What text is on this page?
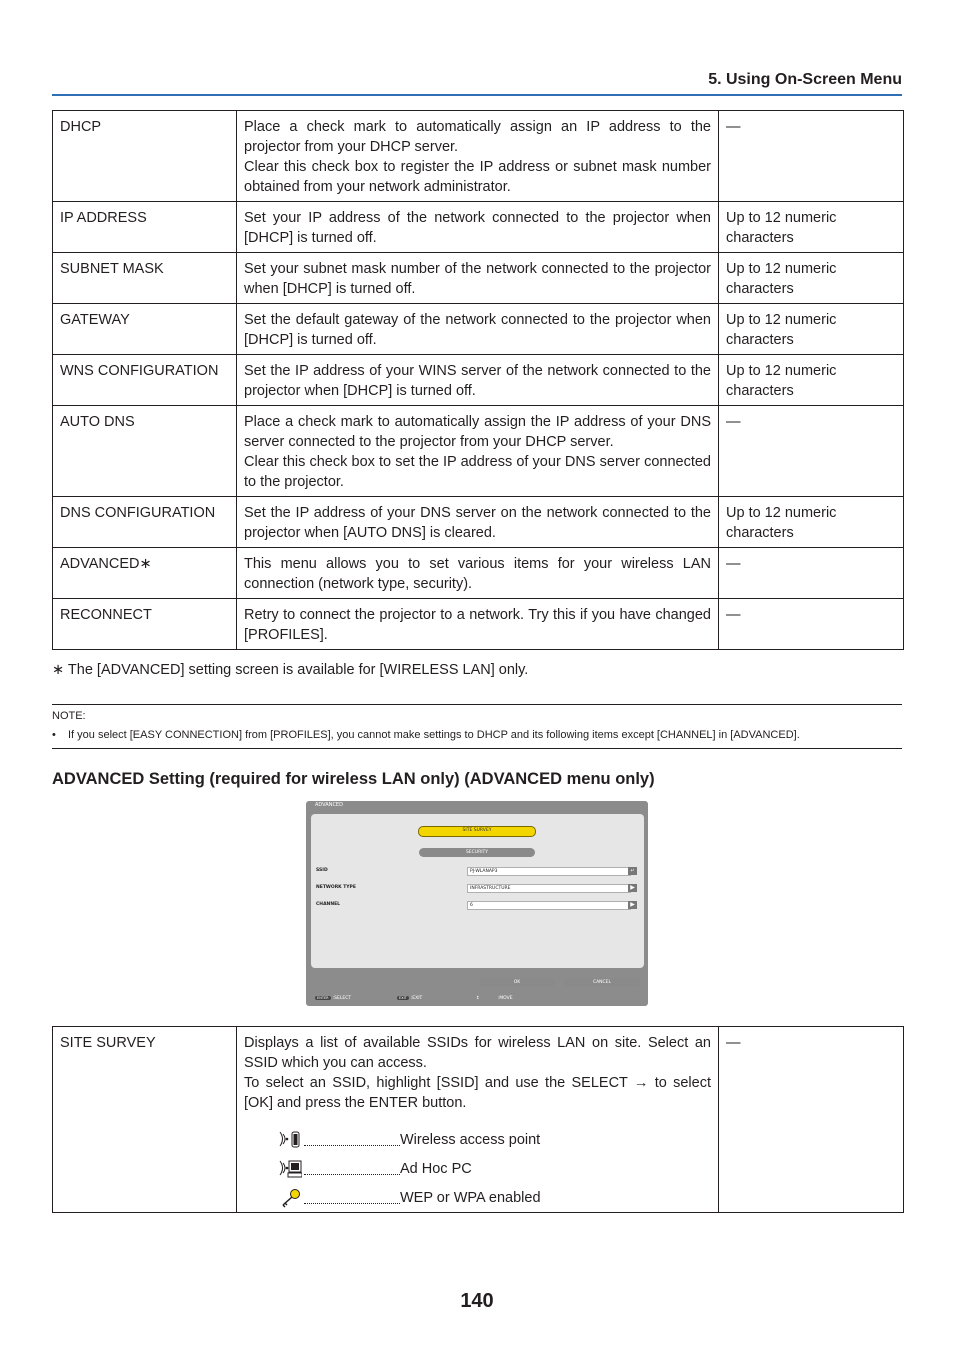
5. Using On-Screen Menu
DHCP	Place a check mark to automatically assign an IP address to the projector from your DHCP server.
Clear this check box to register the IP address or subnet mask number obtained from your network administrator.	—
IP ADDRESS	Set your IP address of the network connected to the projector when [DHCP] is turned off.	Up to 12 numeric characters
SUBNET MASK	Set your subnet mask number of the network connected to the projector when [DHCP] is turned off.	Up to 12 numeric characters
GATEWAY	Set the default gateway of the network connected to the projector when [DHCP] is turned off.	Up to 12 numeric characters
WNS CONFIGURATION	Set the IP address of your WINS server of the network connected to the projector when [DHCP] is turned off.	Up to 12 numeric characters
AUTO DNS	Place a check mark to automatically assign the IP address of your DNS server connected to the projector from your DHCP server.
Clear this check box to set the IP address of your DNS server connected to the projector.	—
DNS CONFIGURATION	Set the IP address of your DNS server on the network connected to the projector when [AUTO DNS] is cleared.	Up to 12 numeric characters
ADVANCED∗	This menu allows you to set various items for your wireless LAN connection (network type, security).	—
RECONNECT	Retry to connect the projector to a network. Try this if you have changed [PROFILES].	—
∗ The [ADVANCED] setting screen is available for [WIRELESS LAN] only.
NOTE:
• If you select [EASY CONNECTION] from [PROFILES], you cannot make settings to DHCP and its following items except [CHANNEL] in [ADVANCED].
ADVANCED Setting (required for wireless LAN only) (ADVANCED menu only)
ADVANCED
SITE SURVEY
SECURITY
SSID	PJ-WLANAP3	↵
NETWORK TYPE	INFRASTRUCTURE	▶
CHANNEL	6	▶
OK	CANCEL
ENTER :SELECT	EXIT :EXIT	↕	:MOVE
SITE SURVEY	Displays a list of available SSIDs for wireless LAN on site. Select an SSID which you can access.
To select an SSID, highlight [SSID] and use the SELECT → to select [OK] and press the ENTER button.
Wireless access point
Ad Hoc PC
WEP or WPA enabled
	—
140
